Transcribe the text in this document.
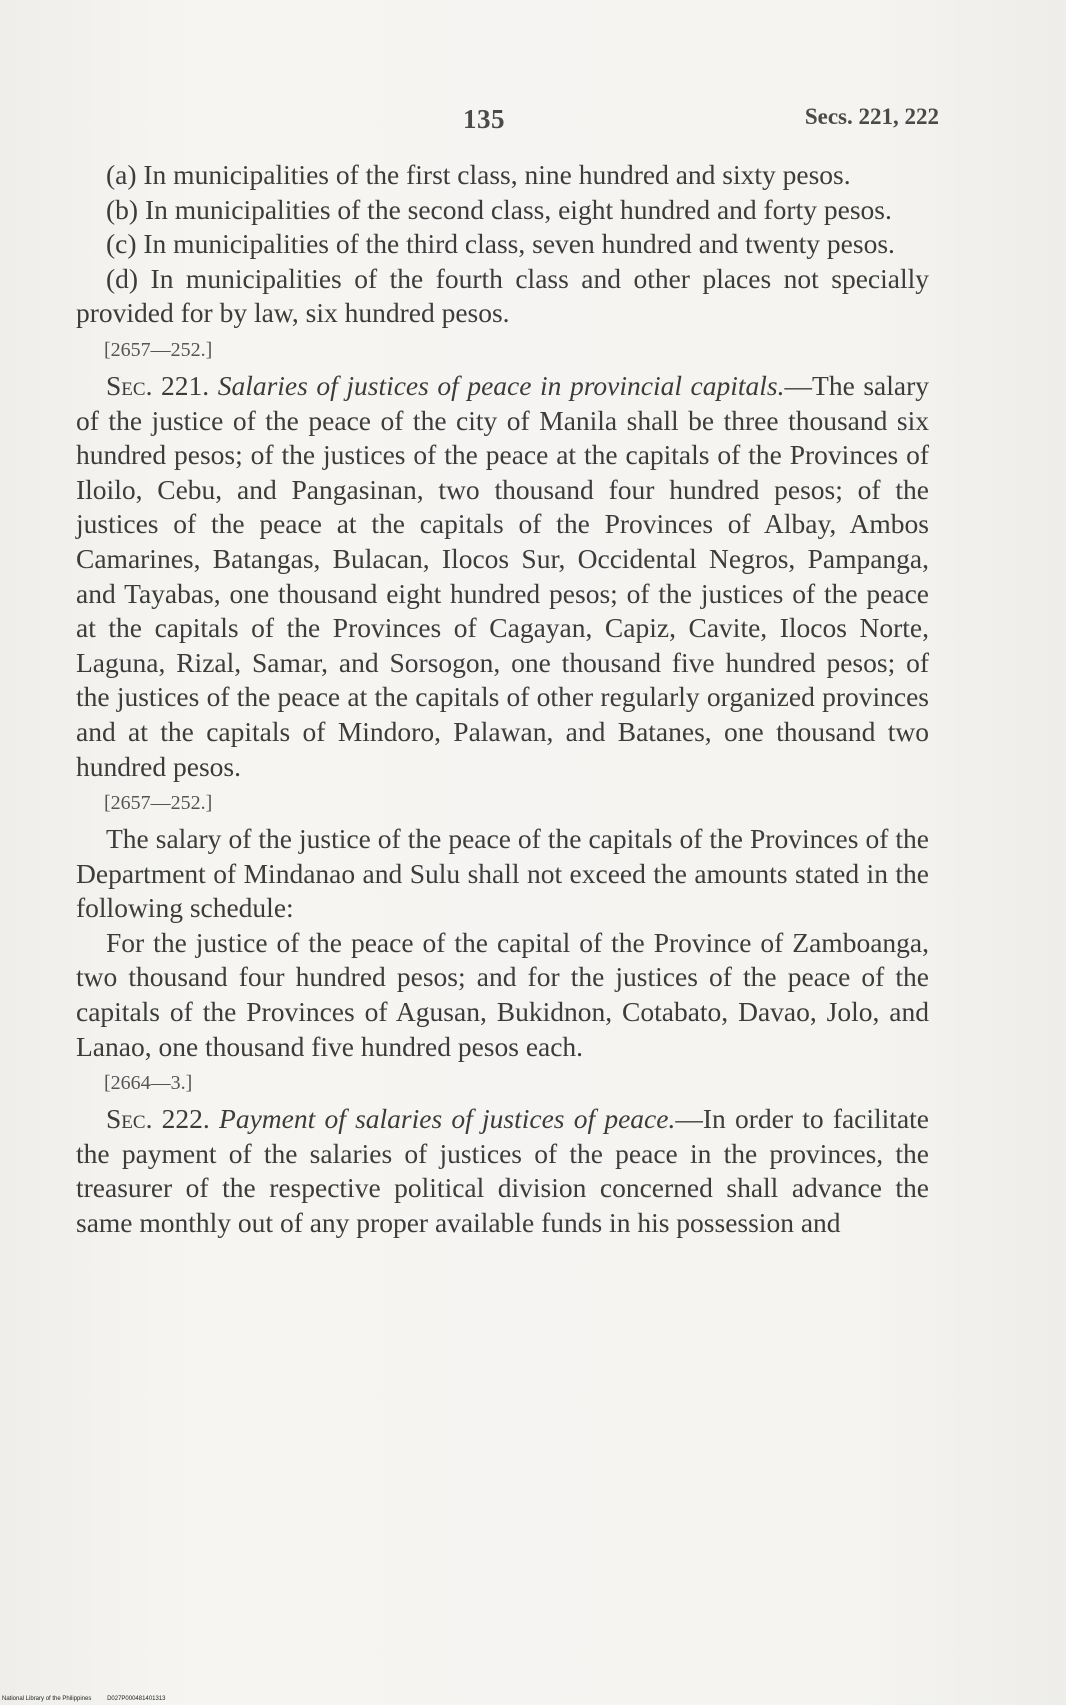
135	Secs. 221, 222

(a) In municipalities of the first class, nine hundred and sixty pesos.

(b) In municipalities of the second class, eight hundred and forty pesos.

(c) In municipalities of the third class, seven hundred and twenty pesos.

(d) In municipalities of the fourth class and other places not specially provided for by law, six hundred pesos.

[2657—252.]

Sec. 221. Salaries of justices of peace in provincial capitals.—The salary of the justice of the peace of the city of Manila shall be three thousand six hundred pesos; of the justices of the peace at the capitals of the Provinces of Iloilo, Cebu, and Pangasinan, two thousand four hundred pesos; of the justices of the peace at the capitals of the Provinces of Albay, Ambos Camarines, Batangas, Bulacan, Ilocos Sur, Occidental Negros, Pampanga, and Tayabas, one thousand eight hundred pesos; of the justices of the peace at the capitals of the Provinces of Cagayan, Capiz, Cavite, Ilocos Norte, Laguna, Rizal, Samar, and Sorsogon, one thousand five hundred pesos; of the justices of the peace at the capitals of other regularly organized provinces and at the capitals of Mindoro, Palawan, and Batanes, one thousand two hundred pesos.

[2657—252.]

The salary of the justice of the peace of the capitals of the Provinces of the Department of Mindanao and Sulu shall not exceed the amounts stated in the following schedule:

For the justice of the peace of the capital of the Province of Zamboanga, two thousand four hundred pesos; and for the justices of the peace of the capitals of the Provinces of Agusan, Bukidnon, Cotabato, Davao, Jolo, and Lanao, one thousand five hundred pesos each.

[2664—3.]

Sec. 222. Payment of salaries of justices of peace.—In order to facilitate the payment of the salaries of justices of the peace in the provinces, the treasurer of the respective political division concerned shall advance the same monthly out of any proper available funds in his possession and

National Library of the Philippines	D027P000481401313
